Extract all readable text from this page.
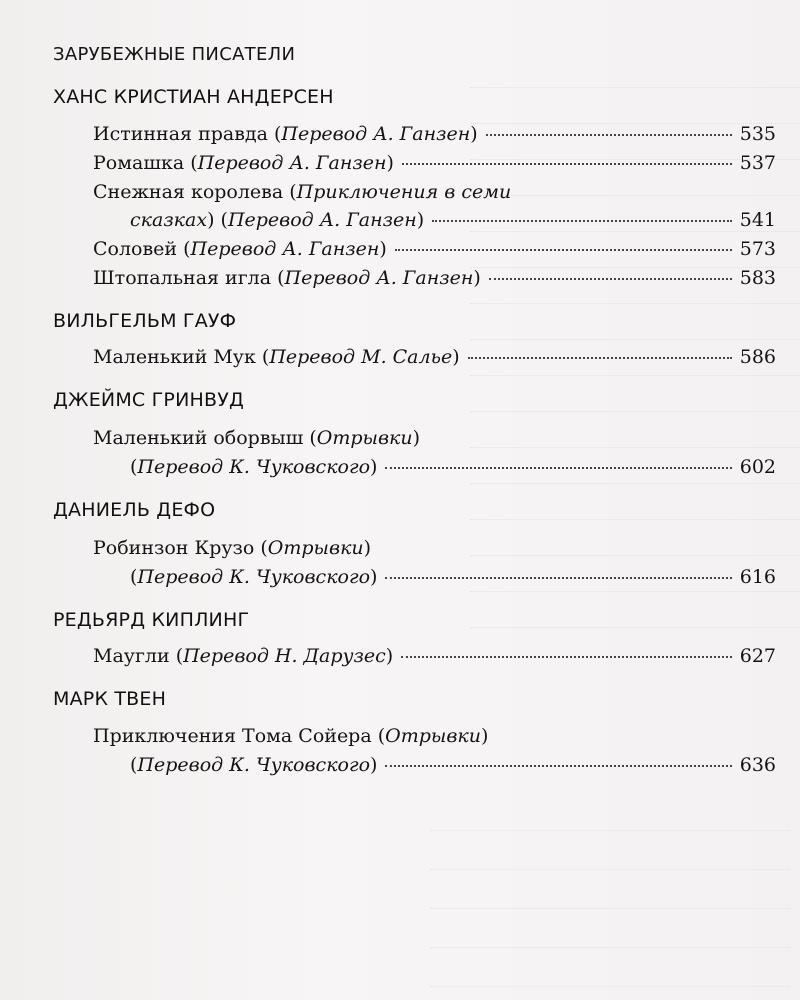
ЗАРУБЕЖНЫЕ ПИСАТЕЛИ
ХАНС КРИСТИАН АНДЕРСЕН
Истинная правда (Перевод А. Ганзен)	535
Ромашка (Перевод А. Ганзен)	537
Снежная королева (Приключения в семи
сказках) (Перевод А. Ганзен)	541
Соловей (Перевод А. Ганзен)	573
Штопальная игла (Перевод А. Ганзен)	583
ВИЛЬГЕЛЬМ ГАУФ
Маленький Мук (Перевод М. Салье)	586
ДЖЕЙМС ГРИНВУД
Маленький оборвыш (Отрывки)
(Перевод К. Чуковского)	602
ДАНИЕЛЬ ДЕФО
Робинзон Крузо (Отрывки)
(Перевод К. Чуковского)	616
РЕДЬЯРД КИПЛИНГ
Маугли (Перевод Н. Дарузес)	627
МАРК ТВЕН
Приключения Тома Сойера (Отрывки)
(Перевод К. Чуковского)	636
